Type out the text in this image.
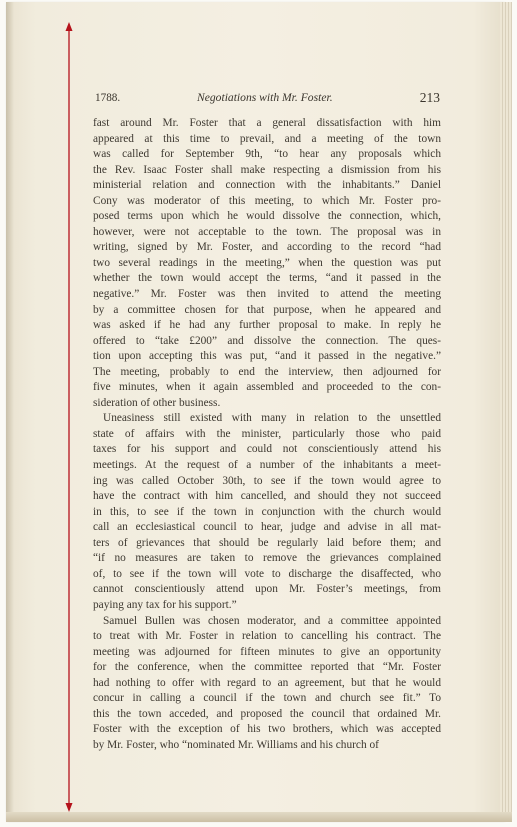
1788.	Negotiations with Mr. Foster.	213
fast around Mr. Foster that a general dissatisfaction with him
appeared at this time to prevail, and a meeting of the town
was called for September 9th, “to hear any proposals which
the Rev. Isaac Foster shall make respecting a dismission from his
ministerial relation and connection with the inhabitants.” Daniel
Cony was moderator of this meeting, to which Mr. Foster pro-
posed terms upon which he would dissolve the connection, which,
however, were not acceptable to the town. The proposal was in
writing, signed by Mr. Foster, and according to the record “had
two several readings in the meeting,” when the question was put
whether the town would accept the terms, “and it passed in the
negative.” Mr. Foster was then invited to attend the meeting
by a committee chosen for that purpose, when he appeared and
was asked if he had any further proposal to make. In reply he
offered to “take £200” and dissolve the connection. The ques-
tion upon accepting this was put, “and it passed in the negative.”
The meeting, probably to end the interview, then adjourned for
five minutes, when it again assembled and proceeded to the con-
sideration of other business.
Uneasiness still existed with many in relation to the unsettled
state of affairs with the minister, particularly those who paid
taxes for his support and could not conscientiously attend his
meetings. At the request of a number of the inhabitants a meet-
ing was called October 30th, to see if the town would agree to
have the contract with him cancelled, and should they not succeed
in this, to see if the town in conjunction with the church would
call an ecclesiastical council to hear, judge and advise in all mat-
ters of grievances that should be regularly laid before them; and
“if no measures are taken to remove the grievances complained
of, to see if the town will vote to discharge the disaffected, who
cannot conscientiously attend upon Mr. Foster’s meetings, from
paying any tax for his support.”
Samuel Bullen was chosen moderator, and a committee appointed
to treat with Mr. Foster in relation to cancelling his contract. The
meeting was adjourned for fifteen minutes to give an opportunity
for the conference, when the committee reported that “Mr. Foster
had nothing to offer with regard to an agreement, but that he would
concur in calling a council if the town and church see fit.” To
this the town acceded, and proposed the council that ordained Mr.
Foster with the exception of his two brothers, which was accepted
by Mr. Foster, who “nominated Mr. Williams and his church of
